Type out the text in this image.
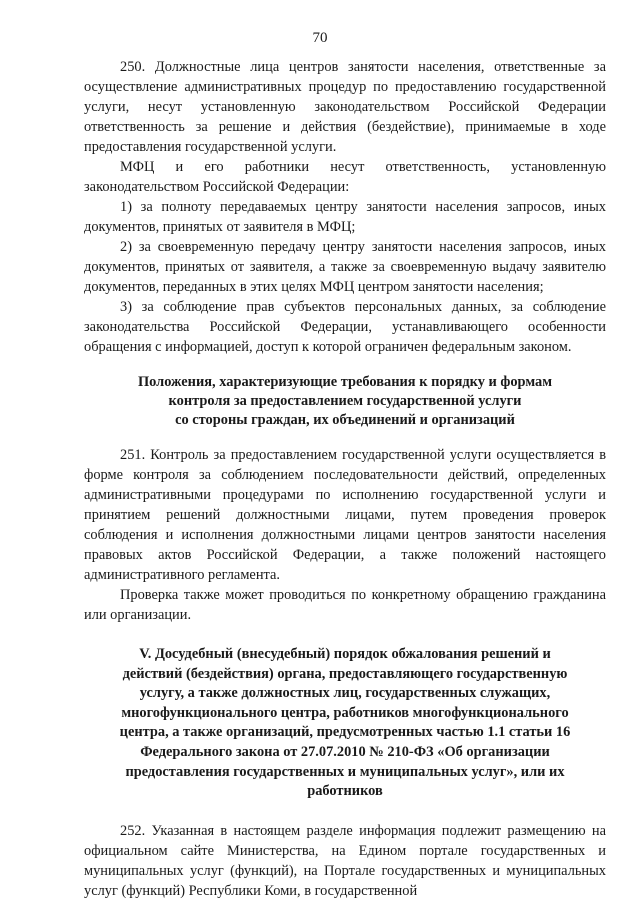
70

250. Должностные лица центров занятости населения, ответственные за осуществление административных процедур по предоставлению государственной услуги, несут установленную законодательством Российской Федерации ответственность за решение и действия (бездействие), принимаемые в ходе предоставления государственной услуги.

МФЦ и его работники несут ответственность, установленную законодательством Российской Федерации:

1) за полноту передаваемых центру занятости населения запросов, иных документов, принятых от заявителя в МФЦ;

2) за своевременную передачу центру занятости населения запросов, иных документов, принятых от заявителя, а также за своевременную выдачу заявителю документов, переданных в этих целях МФЦ центром занятости населения;

3) за соблюдение прав субъектов персональных данных, за соблюдение законодательства Российской Федерации, устанавливающего особенности обращения с информацией, доступ к которой ограничен федеральным законом.

Положения, характеризующие требования к порядку и формам
контроля за предоставлением государственной услуги
со стороны граждан, их объединений и организаций

251. Контроль за предоставлением государственной услуги осуществляется в форме контроля за соблюдением последовательности действий, определенных административными процедурами по исполнению государственной услуги и принятием решений должностными лицами, путем проведения проверок соблюдения и исполнения должностными лицами центров занятости населения правовых актов Российской Федерации, а также положений настоящего административного регламента.

Проверка также может проводиться по конкретному обращению гражданина или организации.

V. Досудебный (внесудебный) порядок обжалования решений и
действий (бездействия) органа, предоставляющего государственную
услугу, а также должностных лиц, государственных служащих,
многофункционального центра, работников многофункционального
центра, а также организаций, предусмотренных частью 1.1 статьи 16
Федерального закона от 27.07.2010 № 210-ФЗ «Об организации
предоставления государственных и муниципальных услуг», или их
работников

252. Указанная в настоящем разделе информация подлежит размещению на официальном сайте Министерства, на Едином портале государственных и муниципальных услуг (функций), на Портале государственных и муниципальных услуг (функций) Республики Коми, в государственной
